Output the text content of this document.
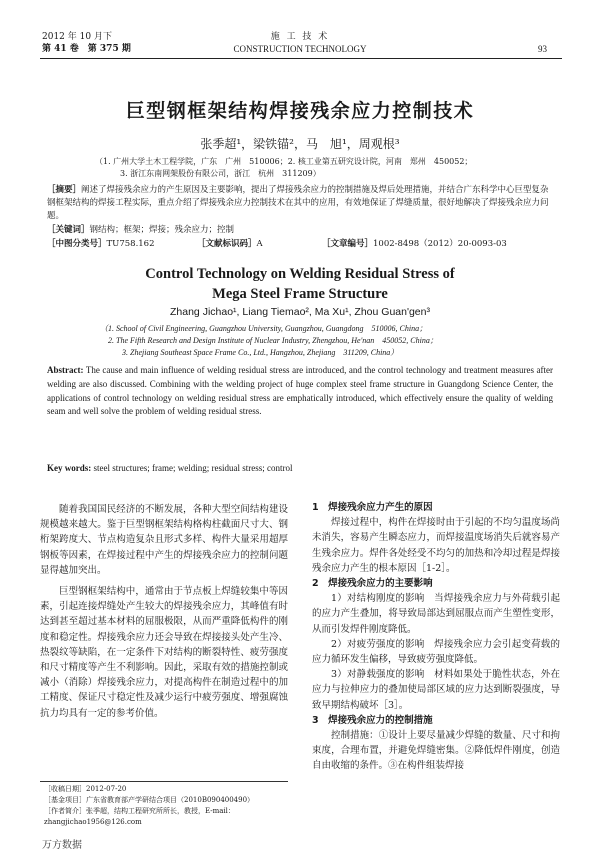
2012 年 10 月下
第 41 卷　第 375 期
施 工 技 术
CONSTRUCTION TECHNOLOGY	93
巨型钢框架结构焊接残余应力控制技术
张季超¹，梁铁锚²，马　旭¹，周观根³
（1. 广州大学土木工程学院，广东　广州　510006；2. 核工业第五研究设计院，河南　郑州　450052；
3. 浙江东南网架股份有限公司，浙江　杭州　311209）
［摘要］阐述了焊接残余应力的产生原因及主要影响，提出了焊接残余应力的控制措施及焊后处理措施，并结合广东科学中心巨型复杂钢框架结构的焊接工程实际，重点介绍了焊接残余应力控制技术在其中的应用，有效地保证了焊缝质量，很好地解决了焊接残余应力问题。
［关键词］钢结构；框架；焊接；残余应力；控制
［中图分类号］TU758.162	［文献标识码］A	［文章编号］1002-8498（2012）20-0093-03
Control Technology on Welding Residual Stress of
Mega Steel Frame Structure
Zhang Jichao¹, Liang Tiemao², Ma Xu¹, Zhou Guan'gen³
（1. School of Civil Engineering, Guangzhou University, Guangzhou, Guangdong　510006, China；
2. The Fifth Research and Design Institute of Nuclear Industry, Zhengzhou, He'nan　450052, China；
3. Zhejiang Southeast Space Frame Co., Ltd., Hangzhou, Zhejiang　311209, China）
Abstract: The cause and main influence of welding residual stress are introduced, and the control technology and treatment measures after welding are also discussed. Combining with the welding project of huge complex steel frame structure in Guangdong Science Center, the applications of control technology on welding residual stress are emphatically introduced, which effectively ensure the quality of welding seam and well solve the problem of welding residual stress.
Key words: steel structures; frame; welding; residual stress; control

随着我国国民经济的不断发展，各种大型空间结构建设规模越来越大。鉴于巨型钢框架结构格构柱截面尺寸大、钢桁架跨度大、节点构造复杂且形式多样、构件大量采用超厚钢板等因素，在焊接过程中产生的焊接残余应力的控制问题显得越加突出。

巨型钢框架结构中，通常由于节点板上焊缝较集中等因素，引起连接焊缝处产生较大的焊接残余应力，其峰值有时达到甚至超过基本材料的屈服极限，从而严重降低构件的刚度和稳定性。焊接残余应力还会导致在焊接接头处产生冷、热裂纹等缺陷，在一定条件下对结构的断裂特性、疲劳强度和尺寸精度等产生不利影响。因此，采取有效的措施控制或减小（消除）焊接残余应力，对提高构件在制造过程中的加工精度、保证尺寸稳定性及减少运行中疲劳强度、增强腐蚀抗力均具有一定的参考价值。

1　焊接残余应力产生的原因

焊接过程中，构件在焊接时由于引起的不均匀温度场尚未消失，容易产生瞬态应力，而焊接温度场消失后就容易产生残余应力。焊件各处经受不均匀的加热和冷却过程是焊接残余应力产生的根本原因［1-2］。

2　焊接残余应力的主要影响

1）对结构刚度的影响　当焊接残余应力与外荷载引起的应力产生叠加，将导致局部达到屈服点而产生塑性变形，从而引发焊件刚度降低。

2）对疲劳强度的影响　焊接残余应力会引起变荷载的应力循环发生偏移，导致疲劳强度降低。

3）对静载强度的影响　材料如果处于脆性状态，外在应力与拉伸应力的叠加使局部区域的应力达到断裂强度，导致早期结构破坏［3］。

3　焊接残余应力的控制措施

控制措施：①设计上要尽量减少焊缝的数量、尺寸和拘束度，合理布置，并避免焊缝密集。②降低焊件刚度，创造自由收缩的条件。③在构件组装焊接

［收稿日期］2012-07-20
［基金项目］广东省教育部产学研结合项目（2010B090400490）
［作者简介］张季超，结构工程研究所所长，教授，E-mail：
zhangjichao1956@126.com
万方数据
